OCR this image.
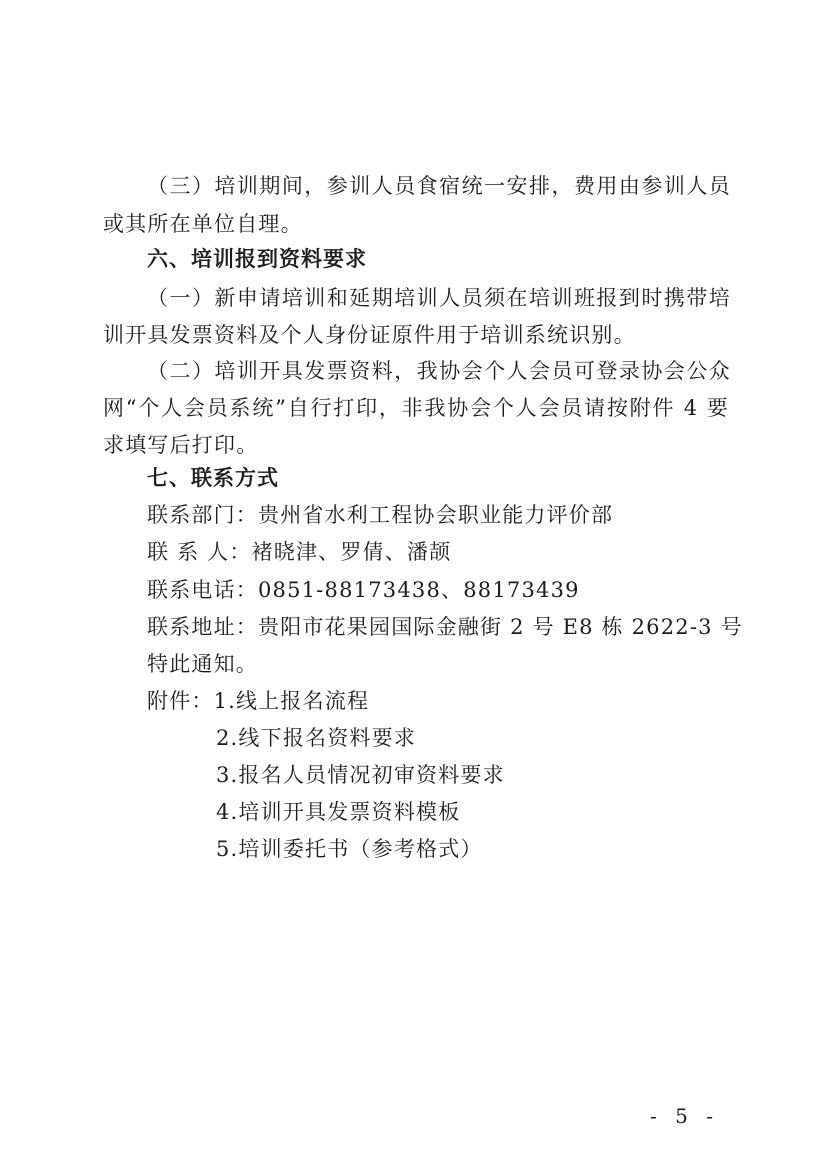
（三）培训期间，参训人员食宿统一安排，费用由参训人员
或其所在单位自理。
六、培训报到资料要求
（一）新申请培训和延期培训人员须在培训班报到时携带培
训开具发票资料及个人身份证原件用于培训系统识别。
（二）培训开具发票资料，我协会个人会员可登录协会公众
网“个人会员系统”自行打印，非我协会个人会员请按附件 4 要
求填写后打印。
七、联系方式
联系部门：贵州省水利工程协会职业能力评价部
联 系 人：褚晓津、罗倩、潘颉
联系电话：0851-88173438、88173439
联系地址：贵阳市花果园国际金融街 2 号 E8 栋 2622-3 号
特此通知。
附件：1.线上报名流程
2.线下报名资料要求
3.报名人员情况初审资料要求
4.培训开具发票资料模板
5.培训委托书（参考格式）
- 5 -
